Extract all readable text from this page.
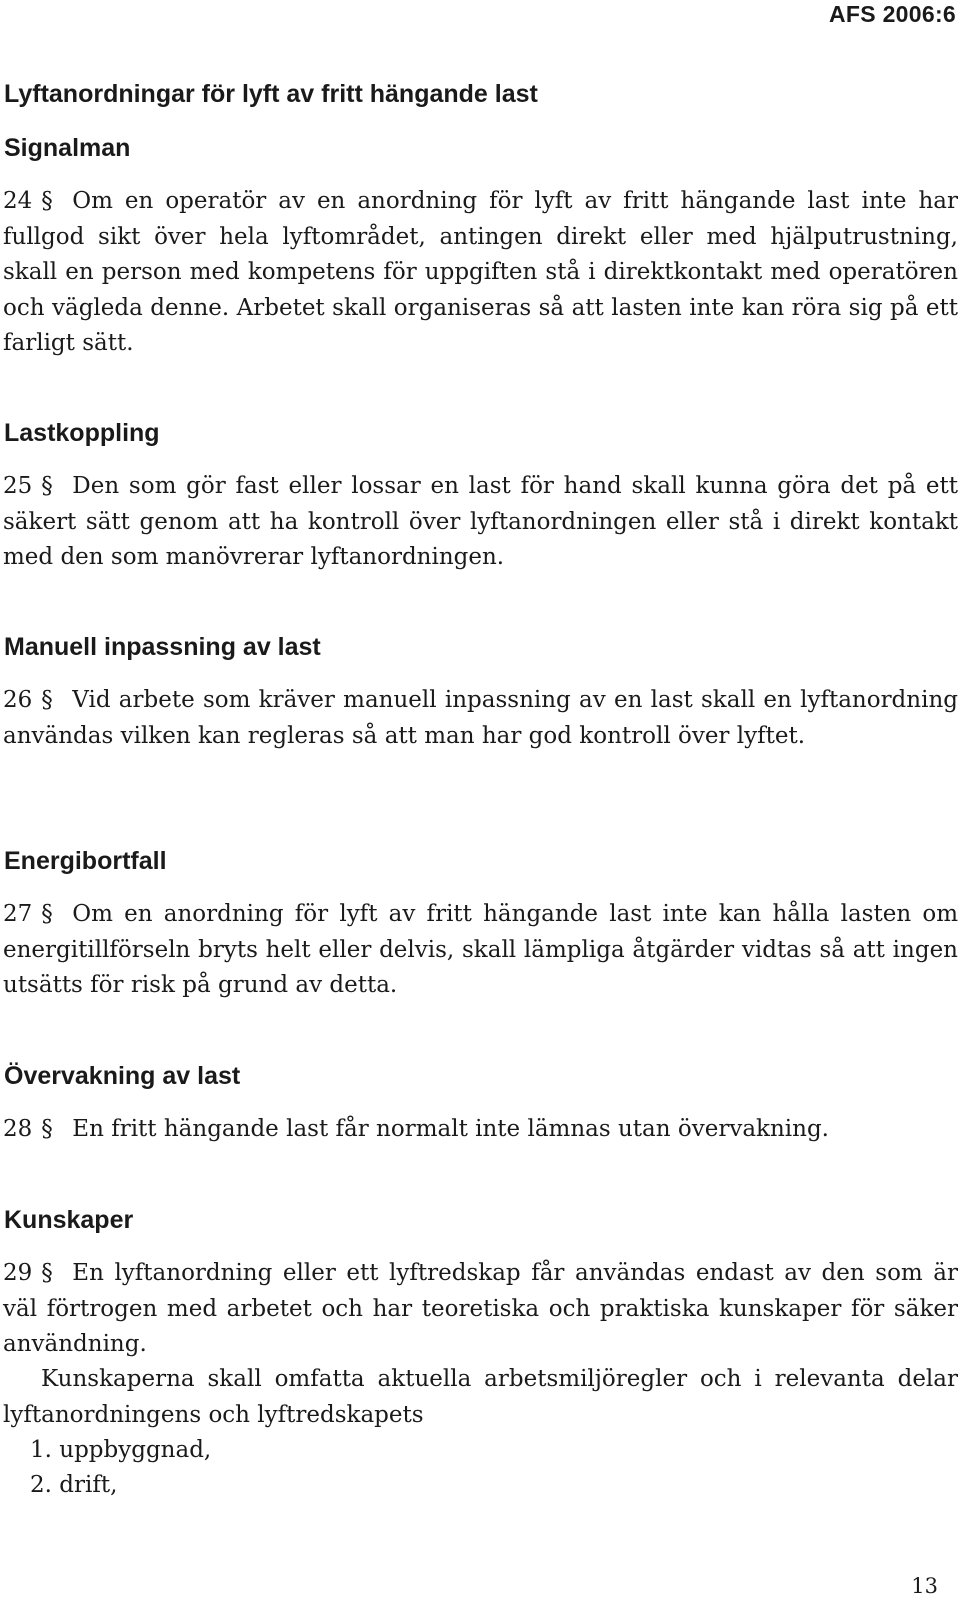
AFS 2006:6
Lyftanordningar för lyft av fritt hängande last
Signalman
24 § Om en operatör av en anordning för lyft av fritt hängande last inte har fullgod sikt över hela lyftområdet, antingen direkt eller med hjälputrustning, skall en person med kompetens för uppgiften stå i direktkontakt med operatören och vägleda denne. Arbetet skall organiseras så att lasten inte kan röra sig på ett farligt sätt.
Lastkoppling
25 § Den som gör fast eller lossar en last för hand skall kunna göra det på ett säkert sätt genom att ha kontroll över lyftanordningen eller stå i direkt kontakt med den som manövrerar lyftanordningen.
Manuell inpassning av last
26 § Vid arbete som kräver manuell inpassning av en last skall en lyftanordning användas vilken kan regleras så att man har god kontroll över lyftet.
Energibortfall
27 § Om en anordning för lyft av fritt hängande last inte kan hålla lasten om energitillförseln bryts helt eller delvis, skall lämpliga åtgärder vidtas så att ingen utsätts för risk på grund av detta.
Övervakning av last
28 § En fritt hängande last får normalt inte lämnas utan övervakning.
Kunskaper
29 § En lyftanordning eller ett lyftredskap får användas endast av den som är väl förtrogen med arbetet och har teoretiska och praktiska kunskaper för säker användning.
Kunskaperna skall omfatta aktuella arbetsmiljöregler och i relevanta delar lyftanordningens och lyftredskapets
1. uppbyggnad,
2. drift,
13
